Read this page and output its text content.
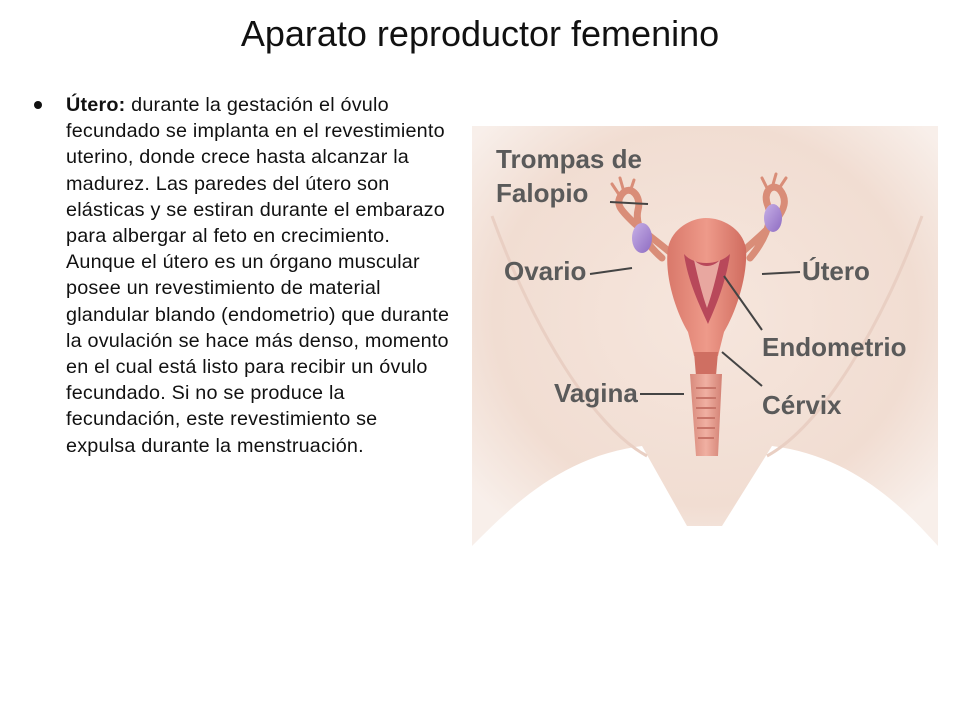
Aparato reproductor femenino
Útero: durante la gestación el óvulo fecundado se implanta en el revestimiento uterino, donde crece hasta alcanzar la madurez. Las paredes del útero son elásticas y se estiran durante el embarazo para albergar al feto en crecimiento. Aunque el útero es un órgano muscular posee un revestimiento de material glandular blando (endometrio) que durante la ovulación se hace más denso, momento en el cual está listo para recibir un óvulo fecundado. Si no se produce la fecundación, este revestimiento se expulsa durante la menstruación.
Trompas de
Falopio
Ovario	Útero
Endometrio
Vagina	Cérvix
